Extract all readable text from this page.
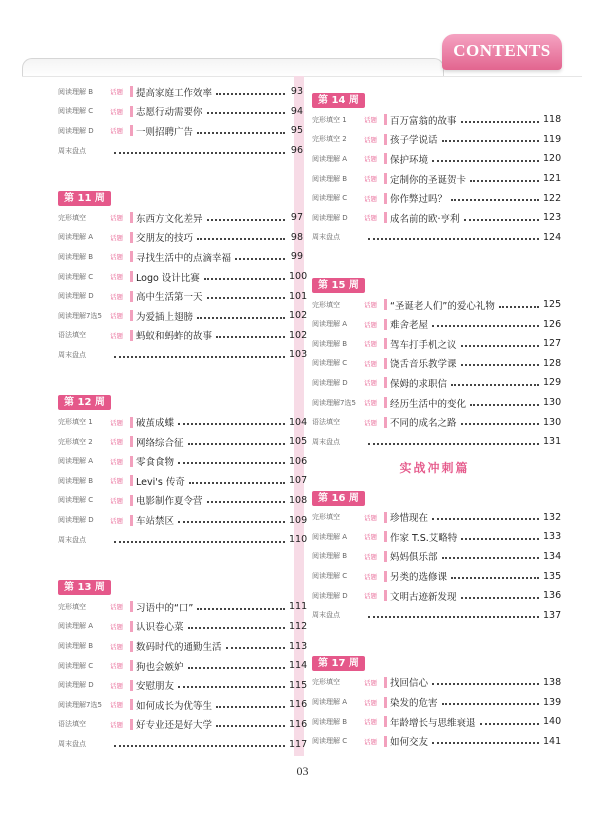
CONTENTS
阅读理解 B	话题	提高家庭工作效率	93
阅读理解 C	话题	志愿行动需要你	94
阅读理解 D	话题	一则招聘广告	95
周末盘点	96
第 11 周
完形填空	话题	东西方文化差异	97
阅读理解 A	话题	交朋友的技巧	98
阅读理解 B	话题	寻找生活中的点滴幸福	99
阅读理解 C	话题	Logo 设计比赛	100
阅读理解 D	话题	高中生活第一天	101
阅读理解7选5	话题	为爱插上翅膀	102
语法填空	话题	蚂蚁和蚂蚱的故事	102
周末盘点	103
第 12 周
完形填空 1	话题	破茧成蝶	104
完形填空 2	话题	网络综合征	105
阅读理解 A	话题	零食食物	106
阅读理解 B	话题	Levi's 传奇	107
阅读理解 C	话题	电影制作夏令营	108
阅读理解 D	话题	车站禁区	109
周末盘点	110
第 13 周
完形填空	话题	习语中的“口”	111
阅读理解 A	话题	认识卷心菜	112
阅读理解 B	话题	数码时代的通勤生活	113
阅读理解 C	话题	狗也会嫉妒	114
阅读理解 D	话题	安慰朋友	115
阅读理解7选5	话题	如何成长为优等生	116
语法填空	话题	好专业还是好大学	116
周末盘点	117
第 14 周
完形填空 1	话题	百万富翁的故事	118
完形填空 2	话题	孩子学说话	119
阅读理解 A	话题	保护环境	120
阅读理解 B	话题	定制你的圣诞贺卡	121
阅读理解 C	话题	你作弊过吗？	122
阅读理解 D	话题	成名前的欧·亨利	123
周末盘点	124
第 15 周
完形填空	话题	“圣诞老人们”的爱心礼物	125
阅读理解 A	话题	难舍老屋	126
阅读理解 B	话题	驾车打手机之议	127
阅读理解 C	话题	饶舌音乐教学课	128
阅读理解 D	话题	保姆的求职信	129
阅读理解7选5	话题	经历生活中的变化	130
语法填空	话题	不同的成名之路	130
周末盘点	131
实战冲刺篇
第 16 周
完形填空	话题	珍惜现在	132
阅读理解 A	话题	作家 T.S.艾略特	133
阅读理解 B	话题	妈妈俱乐部	134
阅读理解 C	话题	另类的选修课	135
阅读理解 D	话题	文明古迹新发现	136
周末盘点	137
第 17 周
完形填空	话题	找回信心	138
阅读理解 A	话题	染发的危害	139
阅读理解 B	话题	年龄增长与思维衰退	140
阅读理解 C	话题	如何交友	141
03
